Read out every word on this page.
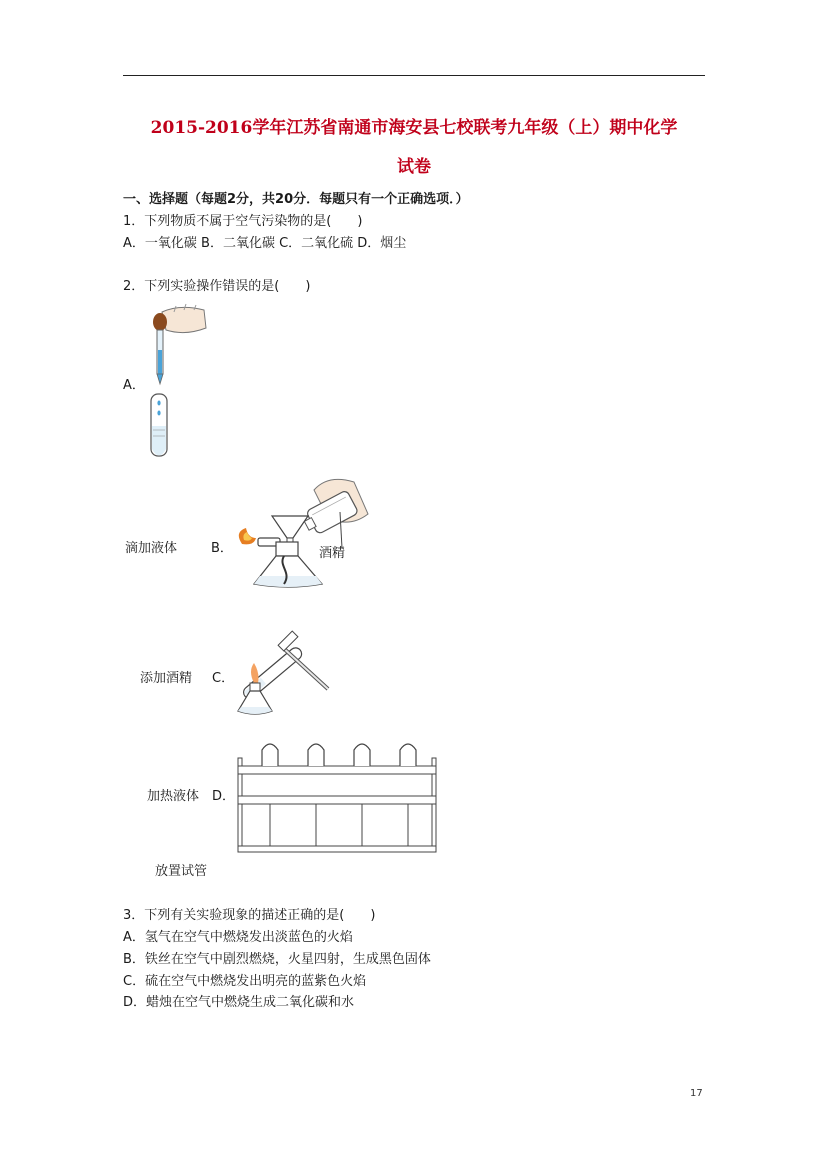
2015-2016学年江苏省南通市海安县七校联考九年级（上）期中化学
试卷
一、选择题（每题2分，共20分．每题只有一个正确选项．）
1．下列物质不属于空气污染物的是(　　)
A．一氧化碳 B．二氧化碳 C．二氧化硫 D．烟尘
2．下列实验操作错误的是(　　)
A．
滴加液体	B．	酒精
添加酒精 C．
加热液体 D．
放置试管
3．下列有关实验现象的描述正确的是(　　)
A．氢气在空气中燃烧发出淡蓝色的火焰
B．铁丝在空气中剧烈燃烧，火星四射，生成黑色固体
C．硫在空气中燃烧发出明亮的蓝紫色火焰
D．蜡烛在空气中燃烧生成二氧化碳和水
17
